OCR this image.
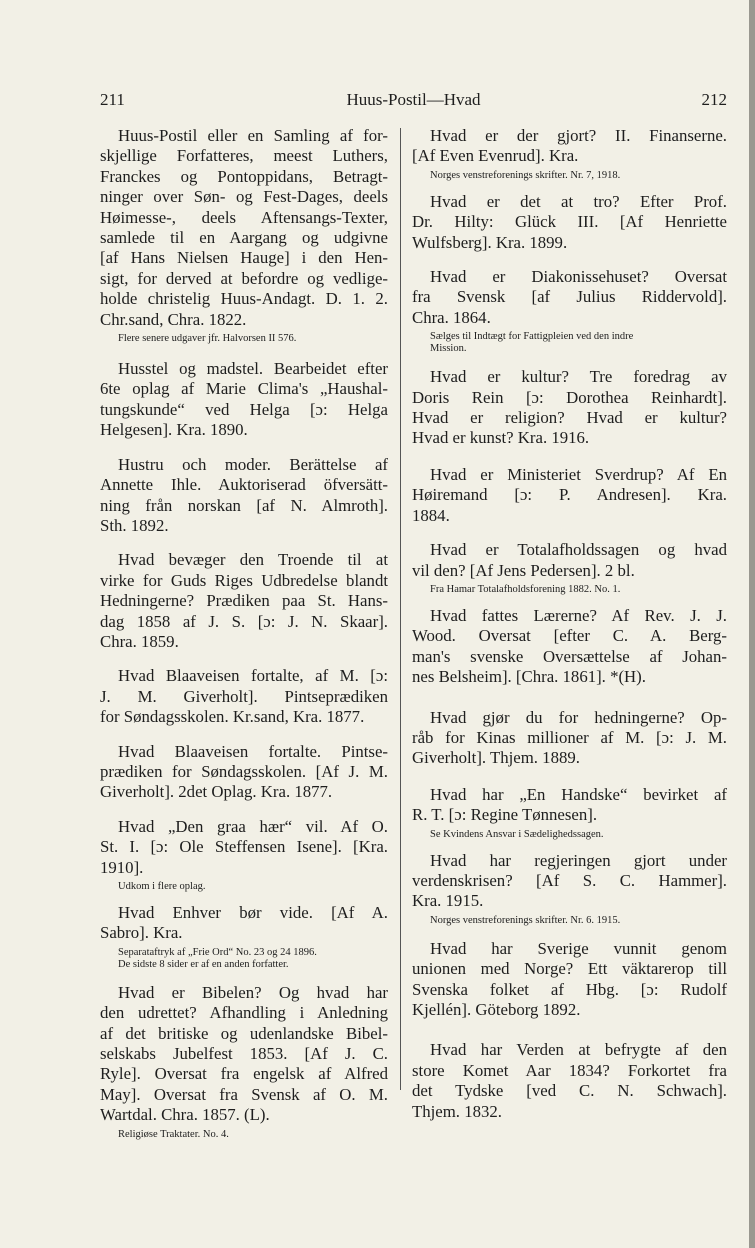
211	Huus-Postil—Hvad	212
Huus-Postil eller en Samling af for-
skjellige Forfatteres, meest Luthers,
Franckes og Pontoppidans, Betragt-
ninger over Søn- og Fest-Dages, deels
Høimesse-, deels Aftensangs-Texter,
samlede til en Aargang og udgivne
[af Hans Nielsen Hauge] i den Hen-
sigt, for derved at befordre og vedlige-
holde christelig Huus-Andagt. D. 1. 2.
Chr.sand, Chra. 1822.
Flere senere udgaver jfr. Halvorsen II 576.
Husstel og madstel. Bearbeidet efter
6te oplag af Marie Clima's „Haushal-
tungskunde“ ved Helga [ɔ: Helga
Helgesen]. Kra. 1890.
Hustru och moder. Berättelse af
Annette Ihle. Auktoriserad öfversätt-
ning från norskan [af N. Almroth].
Sth. 1892.
Hvad bevæger den Troende til at
virke for Guds Riges Udbredelse blandt
Hedningerne? Prædiken paa St. Hans-
dag 1858 af J. S. [ɔ: J. N. Skaar].
Chra. 1859.
Hvad Blaaveisen fortalte, af M. [ɔ:
J. M. Giverholt]. Pintseprædiken
for Søndagsskolen. Kr.sand, Kra. 1877.
Hvad Blaaveisen fortalte. Pintse-
prædiken for Søndagsskolen. [Af J. M.
Giverholt]. 2det Oplag. Kra. 1877.
Hvad „Den graa hær“ vil. Af O.
St. I. [ɔ: Ole Steffensen Isene]. [Kra.
1910].
Udkom i flere oplag.
Hvad Enhver bør vide. [Af A.
Sabro]. Kra.
Separataftryk af „Frie Ord“ No. 23 og 24 1896.
De sidste 8 sider er af en anden forfatter.
Hvad er Bibelen? Og hvad har
den udrettet? Afhandling i Anledning
af det britiske og udenlandske Bibel-
selskabs Jubelfest 1853. [Af J. C.
Ryle]. Oversat fra engelsk af Alfred
May]. Oversat fra Svensk af O. M.
Wartdal. Chra. 1857. (L).
Religiøse Traktater. No. 4.
Hvad er der gjort? II. Finanserne.
[Af Even Evenrud]. Kra.
Norges venstreforenings skrifter. Nr. 7, 1918.
Hvad er det at tro? Efter Prof.
Dr. Hilty: Glück III. [Af Henriette
Wulfsberg]. Kra. 1899.
Hvad er Diakonissehuset? Oversat
fra Svensk [af Julius Riddervold].
Chra. 1864.
Sælges til Indtægt for Fattigpleien ved den indre
Mission.
Hvad er kultur? Tre foredrag av
Doris Rein [ɔ: Dorothea Reinhardt].
Hvad er religion? Hvad er kultur?
Hvad er kunst? Kra. 1916.
Hvad er Ministeriet Sverdrup? Af En
Høiremand [ɔ: P. Andresen]. Kra.
1884.
Hvad er Totalafholdssagen og hvad
vil den? [Af Jens Pedersen]. 2 bl.
Fra Hamar Totalafholdsforening 1882. No. 1.
Hvad fattes Lærerne? Af Rev. J. J.
Wood. Oversat [efter C. A. Berg-
man's svenske Oversættelse af Johan-
nes Belsheim]. [Chra. 1861]. *(H).
Hvad gjør du for hedningerne? Op-
råb for Kinas millioner af M. [ɔ: J. M.
Giverholt]. Thjem. 1889.
Hvad har „En Handske“ bevirket af
R. T. [ɔ: Regine Tønnesen].
Se Kvindens Ansvar i Sædelighedssagen.
Hvad har regjeringen gjort under
verdenskrisen? [Af S. C. Hammer].
Kra. 1915.
Norges venstreforenings skrifter. Nr. 6. 1915.
Hvad har Sverige vunnit genom
unionen med Norge? Ett väktarerop till
Svenska folket af Hbg. [ɔ: Rudolf
Kjellén]. Göteborg 1892.
Hvad har Verden at befrygte af den
store Komet Aar 1834? Forkortet fra
det Tydske [ved C. N. Schwach].
Thjem. 1832.
